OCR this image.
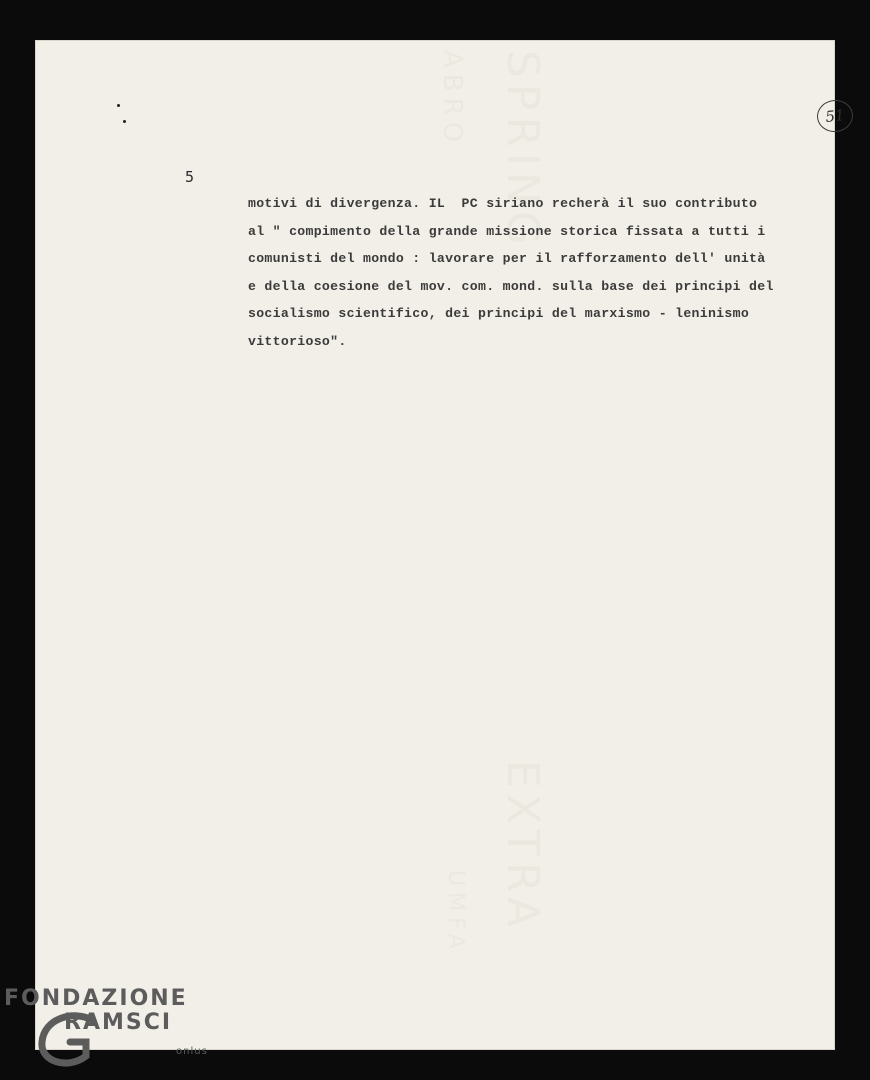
SPRING
ABRO
EXTRA
UMFA
51
5
motivi di divergenza. IL  PC siriano recherà il suo contributo
al " compimento della grande missione storica fissata a tutti i
comunisti del mondo : lavorare per il rafforzamento dell' unità
e della coesione del mov. com. mond. sulla base dei principi del
socialismo scientifico, dei principi del marxismo - leninismo
vittorioso".
FONDAZIONE
RAMSCI
onlus
